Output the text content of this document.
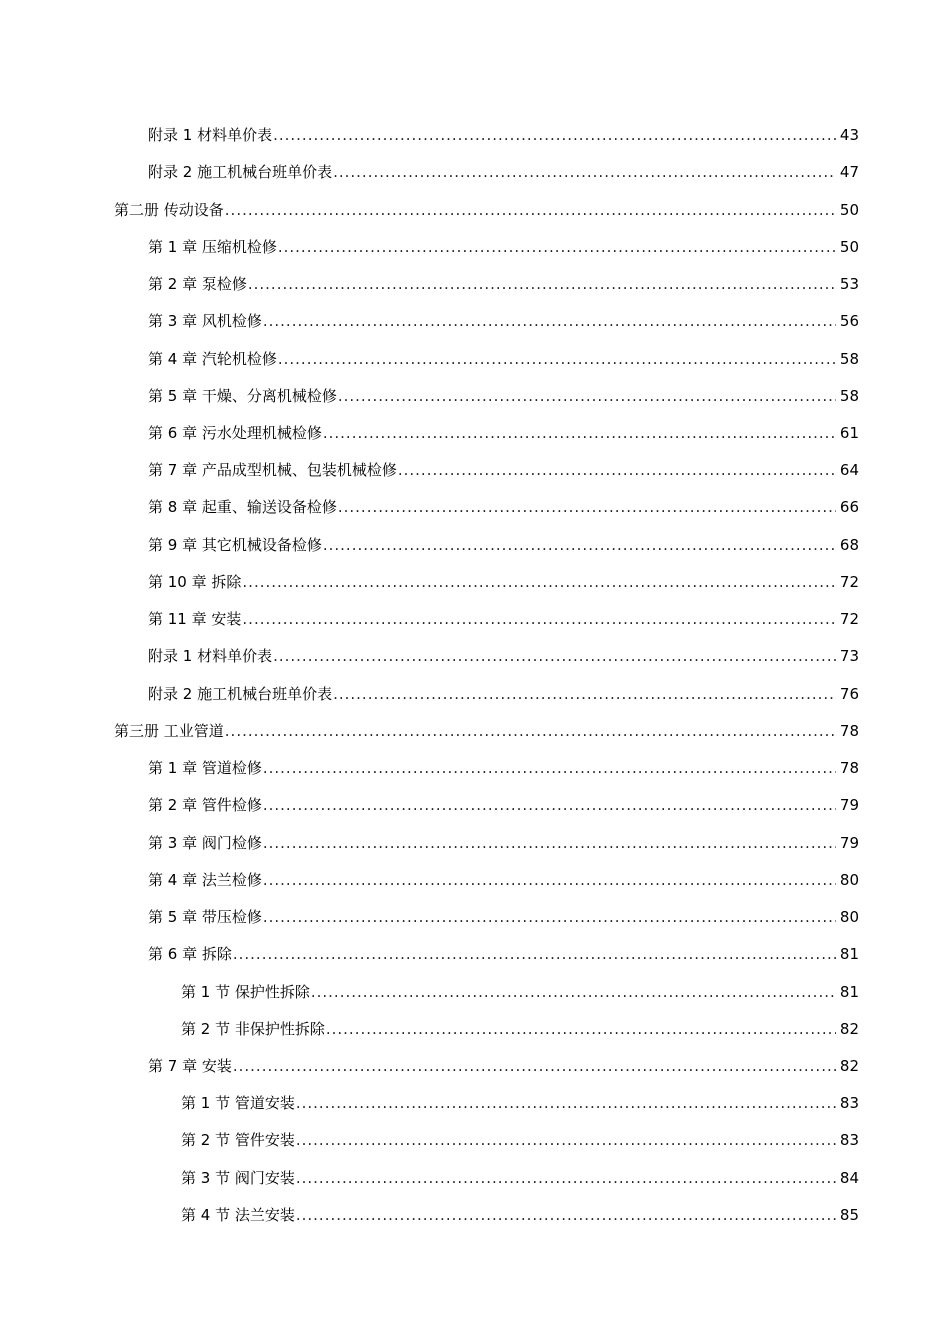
附录 1 材料单价表 .....	43
附录 2 施工机械台班单价表 .....	47
第二册 传动设备 .....	50
第 1 章 压缩机检修 .....	50
第 2 章 泵检修 .....	53
第 3 章 风机检修 .....	56
第 4 章 汽轮机检修 .....	58
第 5 章 干燥、分离机械检修 .....	58
第 6 章 污水处理机械检修 .....	61
第 7 章 产品成型机械、包装机械检修 .....	64
第 8 章 起重、输送设备检修 .....	66
第 9 章 其它机械设备检修 .....	68
第 10 章 拆除 .....	72
第 11 章 安装 .....	72
附录 1 材料单价表 .....	73
附录 2 施工机械台班单价表 .....	76
第三册 工业管道 .....	78
第 1 章 管道检修 .....	78
第 2 章 管件检修 .....	79
第 3 章 阀门检修 .....	79
第 4 章 法兰检修 .....	80
第 5 章 带压检修 .....	80
第 6 章 拆除 .....	81
第 1 节 保护性拆除 .....	81
第 2 节 非保护性拆除 .....	82
第 7 章 安装 .....	82
第 1 节 管道安装 .....	83
第 2 节 管件安装 .....	83
第 3 节 阀门安装 .....	84
第 4 节 法兰安装 .....	85
